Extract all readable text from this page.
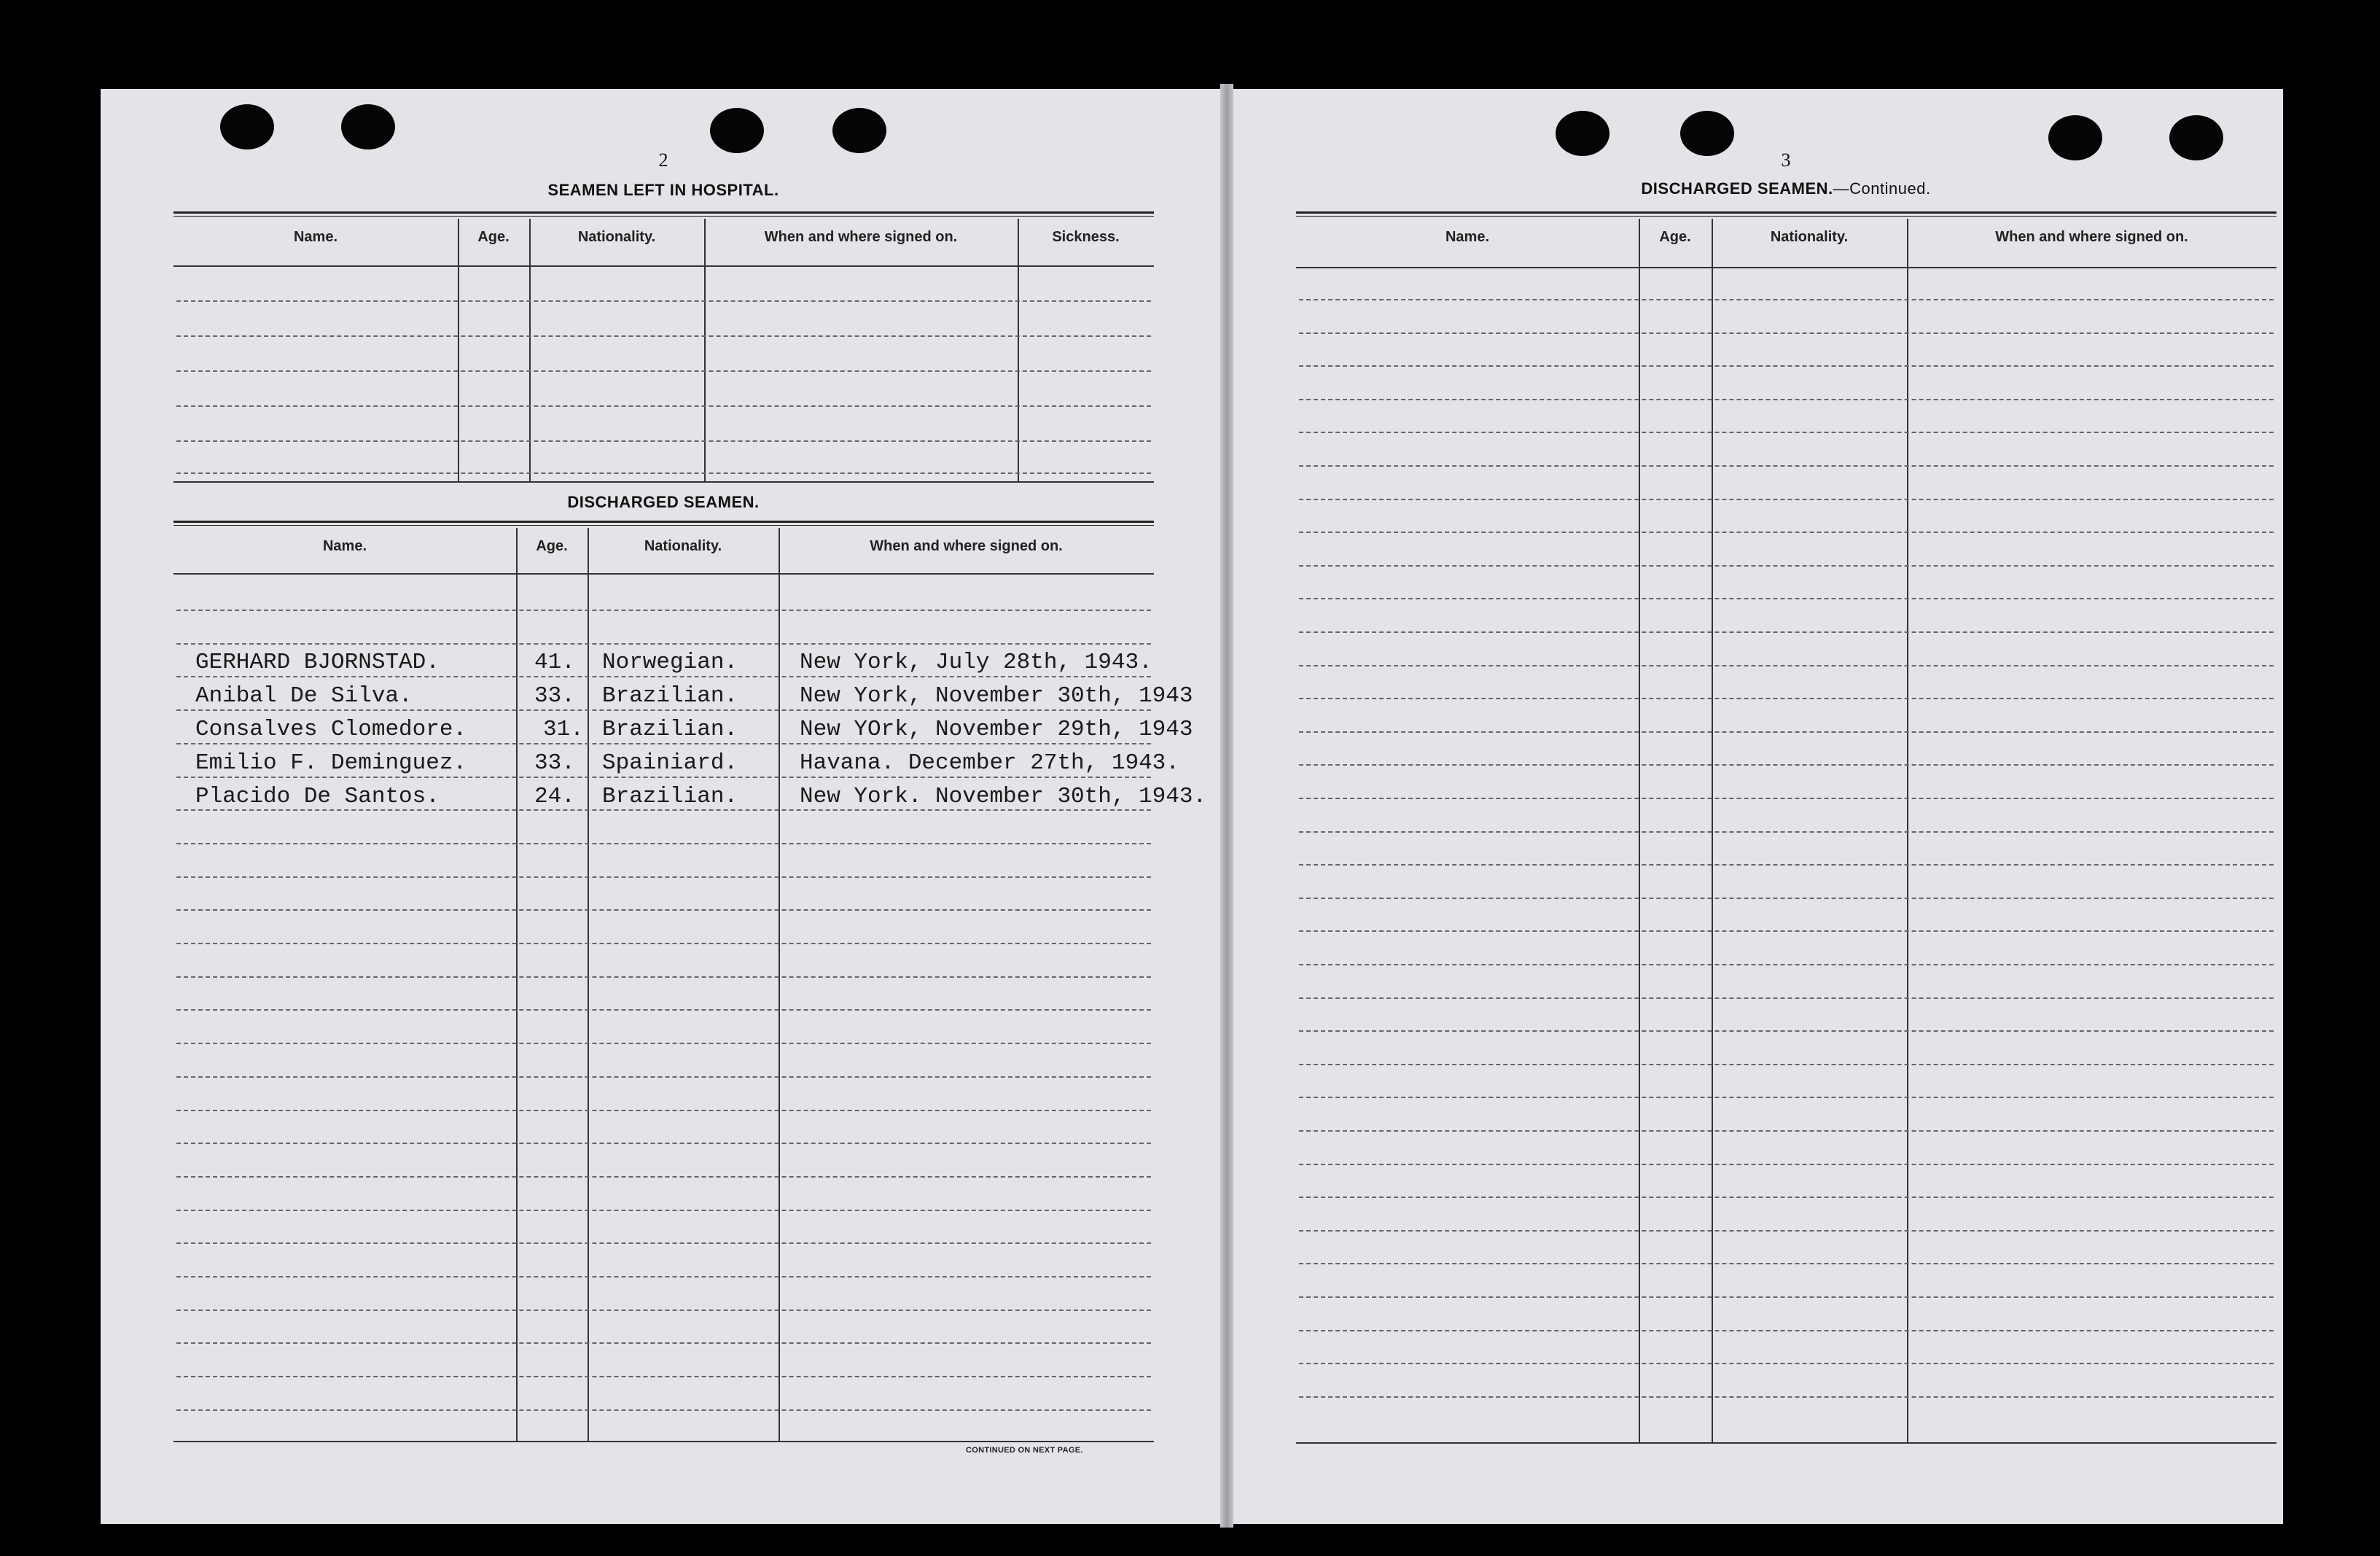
2
SEAMEN LEFT IN HOSPITAL.
Name.	Age.	Nationality.	When and where signed on.	Sickness.
DISCHARGED SEAMEN.
Name.	Age.	Nationality.	When and where signed on.
GERHARD BJORNSTAD.	41. Norwegian.	New York, July 28th, 1943.
Anibal De Silva.	33. Brazilian.	New York, November 30th, 1943
Consalves Clomedore.	31. Brazilian.	New YOrk, November 29th, 1943
Emilio F. Deminguez.	33. Spainiard.	Havana. December 27th, 1943.
Placido De Santos.	24. Brazilian.	New York. November 30th, 1943.
CONTINUED ON NEXT PAGE.
3
DISCHARGED SEAMEN.—Continued.
Name.	Age.	Nationality.	When and where signed on.
